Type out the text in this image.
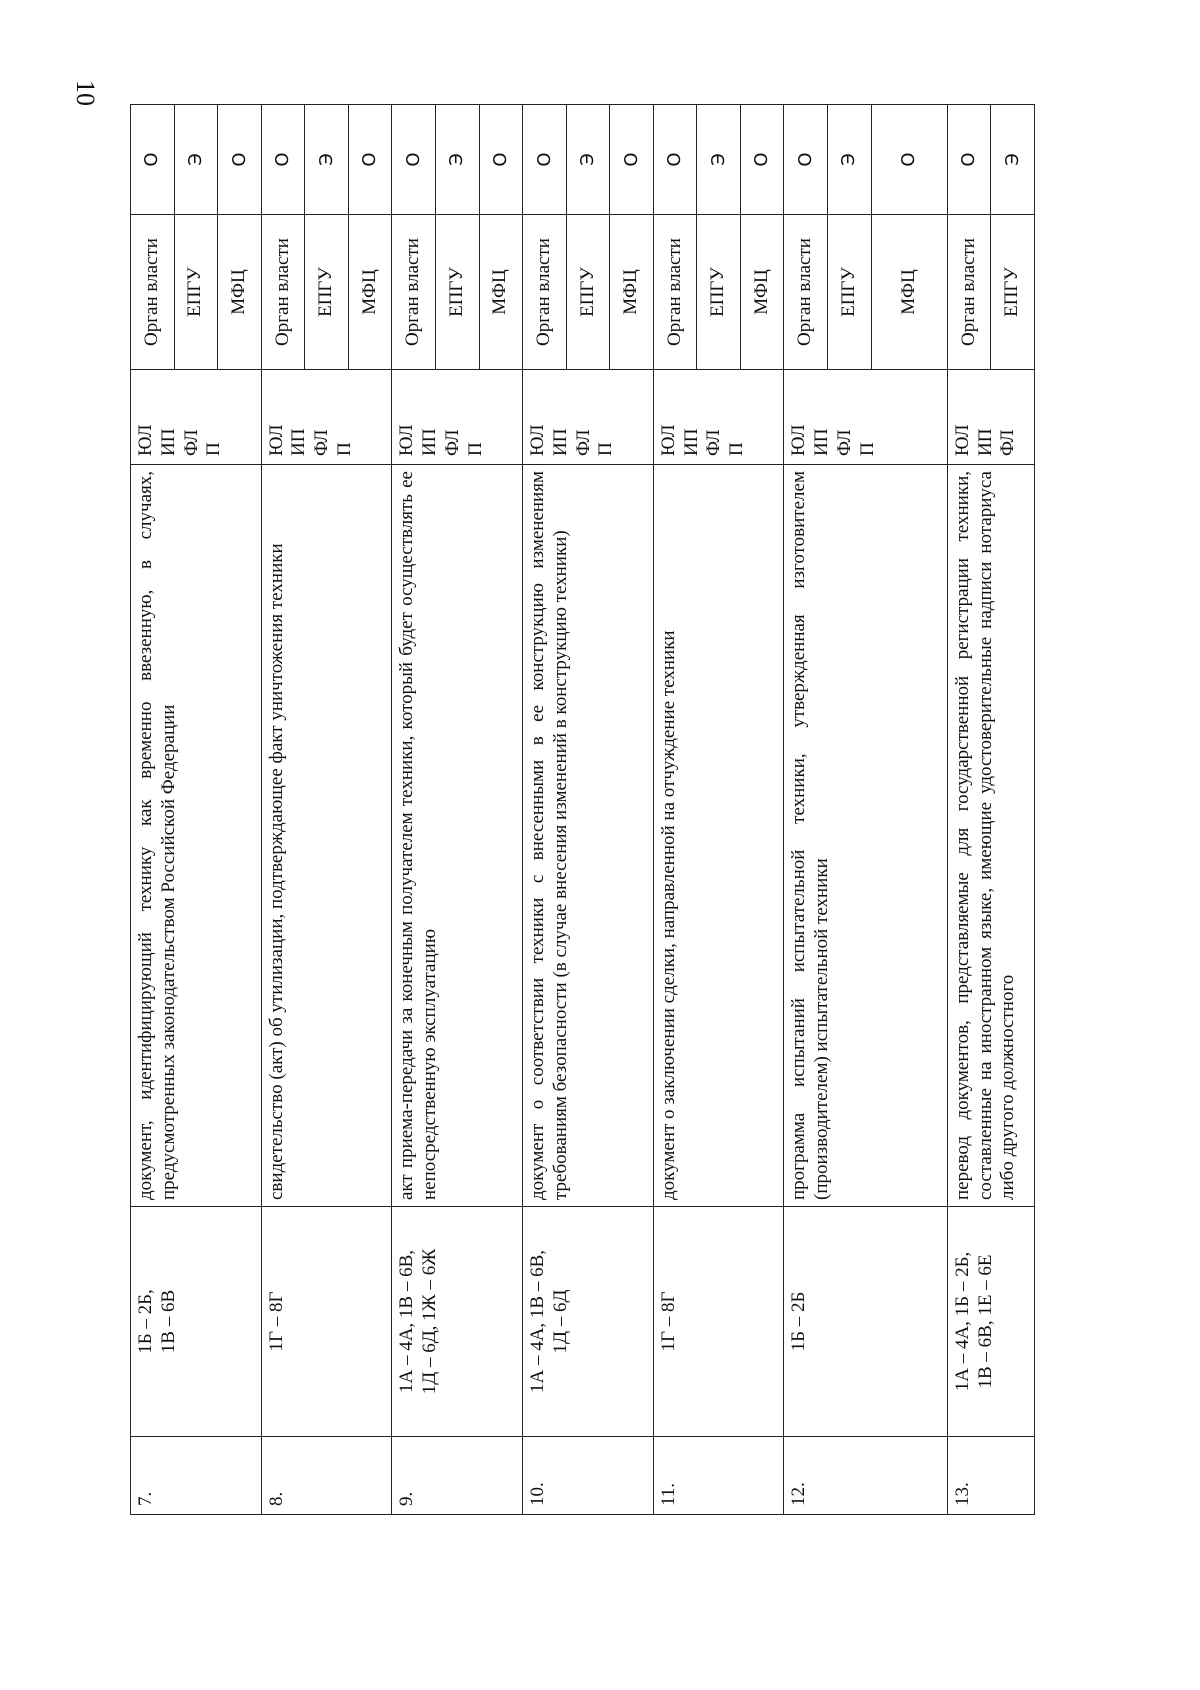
10
7.	1Б – 2Б, 1В – 6В	документ, идентифицирующий технику как временно ввезенную, в случаях, предусмотренных законодательством Российской Федерации	ЮЛ ИП ФЛ П	Орган власти	О
				ЕПГУ	Э
				МФЦ	О
8.	1Г – 8Г	свидетельство (акт) об утилизации, подтверждающее факт уничтожения техники	ЮЛ ИП ФЛ П	Орган власти	О
				ЕПГУ	Э
				МФЦ	О
9.	1А – 4А, 1В – 6В, 1Д – 6Д, 1Ж – 6Ж	акт приема-передачи за конечным получателем техники, который будет осуществлять ее непосредственную эксплуатацию	ЮЛ ИП ФЛ П	Орган власти	О
				ЕПГУ	Э
				МФЦ	О
10.	1А – 4А, 1В – 6В, 1Д – 6Д	документ о соответствии техники с внесенными в ее конструкцию изменениям требованиям безопасности (в случае внесения изменений в конструкцию техники)	ЮЛ ИП ФЛ П	Орган власти	О
				ЕПГУ	Э
				МФЦ	О
11.	1Г – 8Г	документ о заключении сделки, направленной на отчуждение техники	ЮЛ ИП ФЛ П	Орган власти	О
				ЕПГУ	Э
				МФЦ	О
12.	1Б – 2Б	программа испытаний испытательной техники, утвержденная изготовителем (производителем) испытательной техники	ЮЛ ИП ФЛ П	Орган власти	О
				ЕПГУ	Э
				МФЦ	О
13.	1А – 4А, 1Б – 2Б, 1В – 6В, 1Е – 6Е	перевод документов, представляемые для государственной регистрации техники, составленные на иностранном языке, имеющие удостоверительные надписи нотариуса либо другого должностного	ЮЛ ИП ФЛ	Орган власти	О
				ЕПГУ	Э
